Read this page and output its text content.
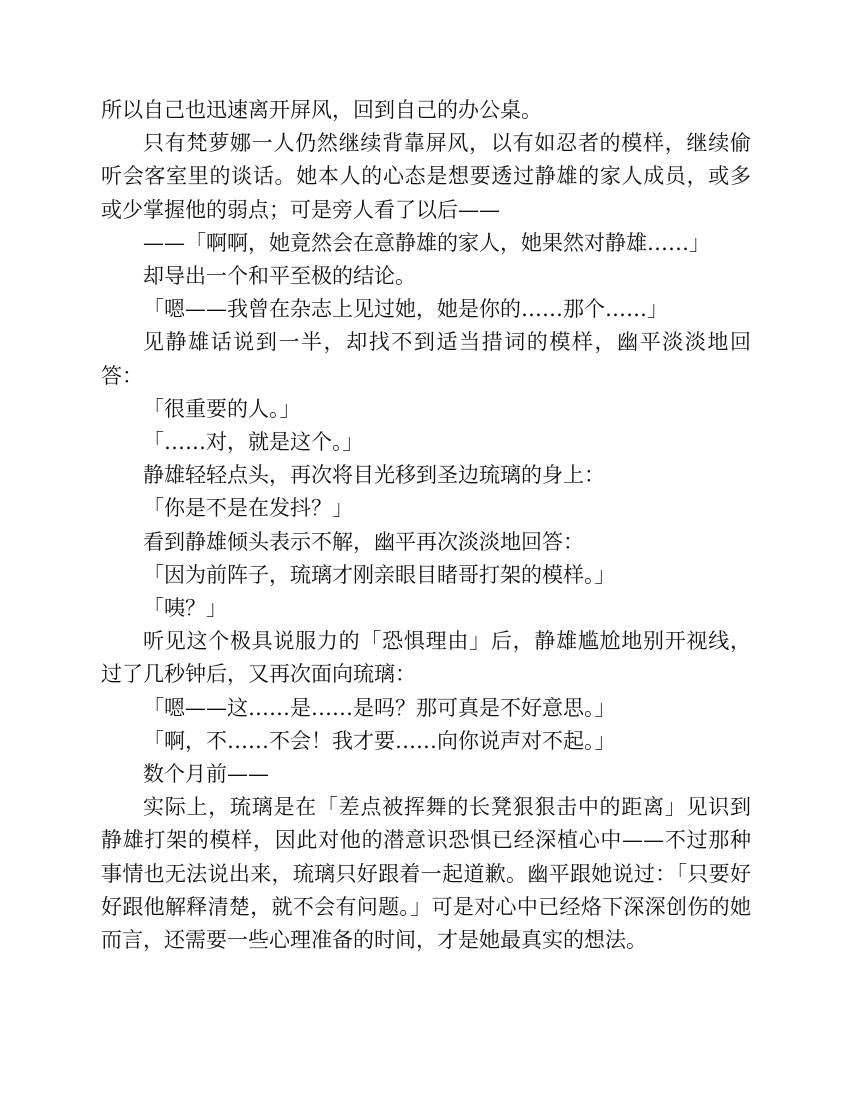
所以自己也迅速离开屏风，回到自己的办公桌。

只有梵萝娜一人仍然继续背靠屏风，以有如忍者的模样，继续偷听会客室里的谈话。她本人的心态是想要透过静雄的家人成员，或多或少掌握他的弱点；可是旁人看了以后——

——「啊啊，她竟然会在意静雄的家人，她果然对静雄……」

却导出一个和平至极的结论。

「嗯——我曾在杂志上见过她，她是你的……那个……」

见静雄话说到一半，却找不到适当措词的模样，幽平淡淡地回答：

「很重要的人。」

「……对，就是这个。」

静雄轻轻点头，再次将目光移到圣边琉璃的身上：

「你是不是在发抖？」

看到静雄倾头表示不解，幽平再次淡淡地回答：

「因为前阵子，琉璃才刚亲眼目睹哥打架的模样。」

「咦？」

听见这个极具说服力的「恐惧理由」后，静雄尴尬地别开视线，过了几秒钟后，又再次面向琉璃：

「嗯——这……是……是吗？那可真是不好意思。」

「啊，不……不会！我才要……向你说声对不起。」

数个月前——

实际上，琉璃是在「差点被挥舞的长凳狠狠击中的距离」见识到静雄打架的模样，因此对他的潜意识恐惧已经深植心中——不过那种事情也无法说出来，琉璃只好跟着一起道歉。幽平跟她说过：「只要好好跟他解释清楚，就不会有问题。」可是对心中已经烙下深深创伤的她而言，还需要一些心理准备的时间，才是她最真实的想法。
